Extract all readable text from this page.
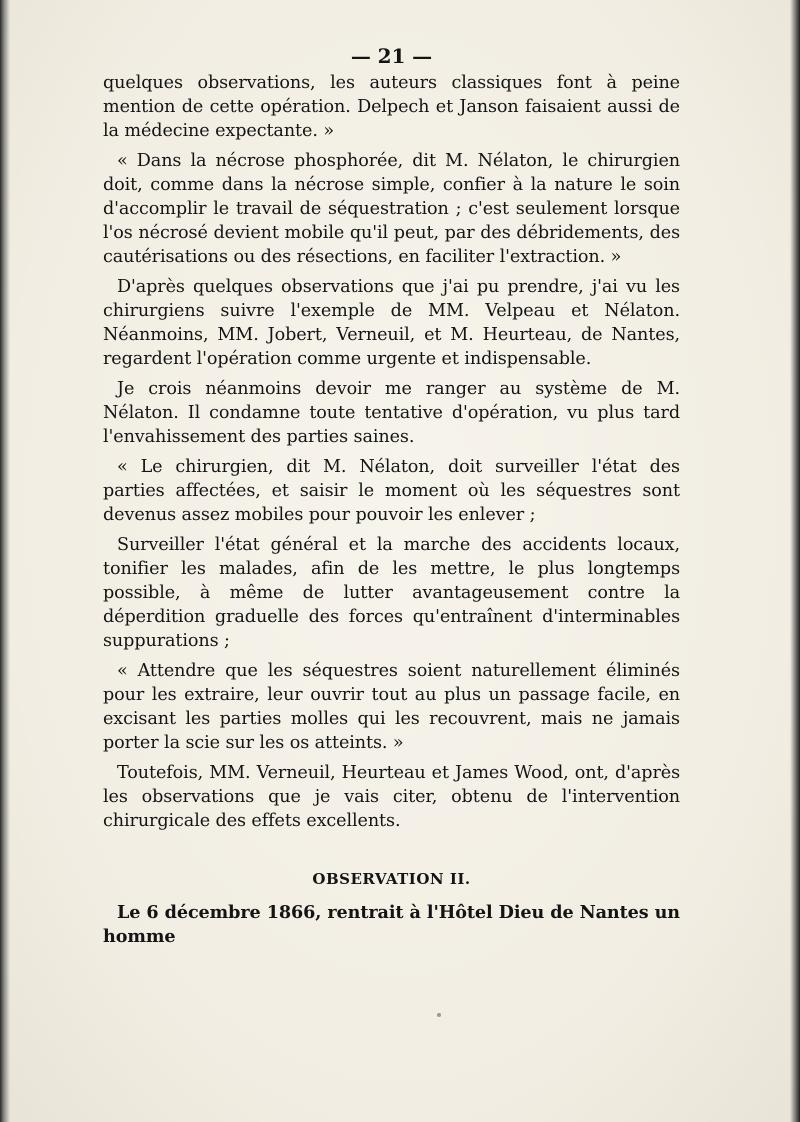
— 21 —

quelques observations, les auteurs classiques font à peine mention de cette opération. Delpech et Janson faisaient aussi de la médecine expectante. »

« Dans la nécrose phosphorée, dit M. Nélaton, le chirurgien doit, comme dans la nécrose simple, confier à la nature le soin d'accomplir le travail de séquestration ; c'est seulement lorsque l'os nécrosé devient mobile qu'il peut, par des débridements, des cautérisations ou des résections, en faciliter l'extraction. »

D'après quelques observations que j'ai pu prendre, j'ai vu les chirurgiens suivre l'exemple de MM. Velpeau et Nélaton. Néanmoins, MM. Jobert, Verneuil, et M. Heurteau, de Nantes, regardent l'opération comme urgente et indispensable.

Je crois néanmoins devoir me ranger au système de M. Nélaton. Il condamne toute tentative d'opération, vu plus tard l'envahissement des parties saines.

« Le chirurgien, dit M. Nélaton, doit surveiller l'état des parties affectées, et saisir le moment où les séquestres sont devenus assez mobiles pour pouvoir les enlever ;

Surveiller l'état général et la marche des accidents locaux, tonifier les malades, afin de les mettre, le plus longtemps possible, à même de lutter avantageusement contre la déperdition graduelle des forces qu'entraînent d'interminables suppurations ;

« Attendre que les séquestres soient naturellement éliminés pour les extraire, leur ouvrir tout au plus un passage facile, en excisant les parties molles qui les recouvrent, mais ne jamais porter la scie sur les os atteints. »

Toutefois, MM. Verneuil, Heurteau et James Wood, ont, d'après les observations que je vais citer, obtenu de l'intervention chirurgicale des effets excellents.

OBSERVATION II.

Le 6 décembre 1866, rentrait à l'Hôtel Dieu de Nantes un homme
